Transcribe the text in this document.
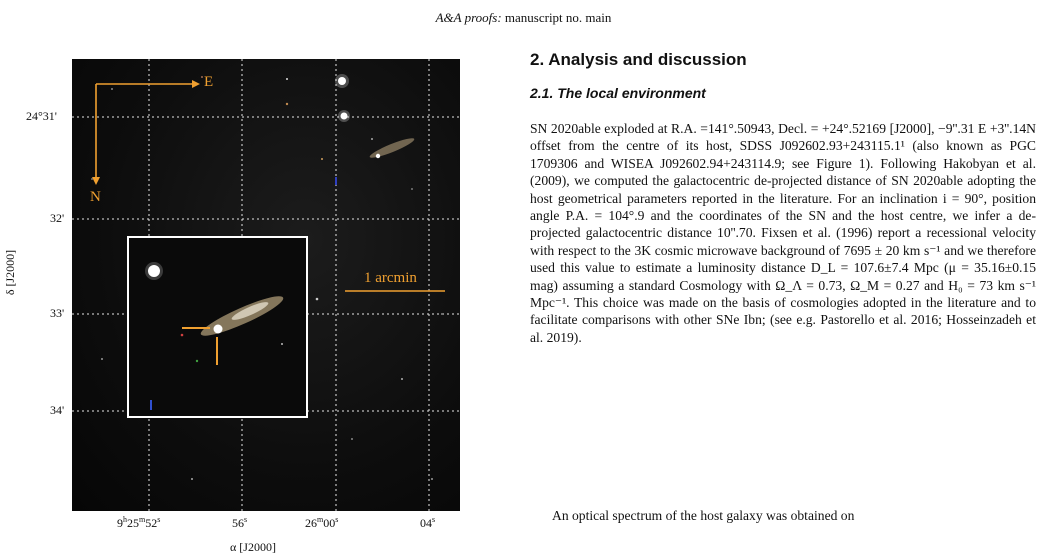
A&A proofs: manuscript no. main
E
N
1 arcmin
24°31'
32'
33'
34'
δ [J2000]
9$^h$25$^m$52$^s$	56$^s$	26$^m$00$^s$	04$^s$
α [J2000]
2. Analysis and discussion
2.1. The local environment

SN 2020able exploded at R.A. =141°.50943, Decl. = +24°.52169 [J2000], −9''.31 E +3''.14N offset from the centre of its host, SDSS J092602.93+243115.1¹ (also known as PGC 1709306 and WISEA J092602.94+243114.9; see Figure 1). Following Hakobyan et al. (2009), we computed the galactocentric de-projected distance of SN 2020able adopting the host geometrical parameters reported in the literature. For an inclination i = 90°, position angle P.A. = 104°.9 and the coordinates of the SN and the host centre, we infer a de-projected galactocentric distance 10''.70. Fixsen et al. (1996) report a recessional velocity with respect to the 3K cosmic microwave background of 7695 ± 20 km s⁻¹ and we therefore used this value to estimate a luminosity distance D_L = 107.6±7.4 Mpc (μ = 35.16±0.15 mag) assuming a standard Cosmology with Ω_Λ = 0.73, Ω_M = 0.27 and H₀ = 73 km s⁻¹ Mpc⁻¹. This choice was made on the basis of cosmologies adopted in the literature and to facilitate comparisons with other SNe Ibn; (see e.g. Pastorello et al. 2016; Hosseinzadeh et al. 2019).

An optical spectrum of the host galaxy was obtained on
